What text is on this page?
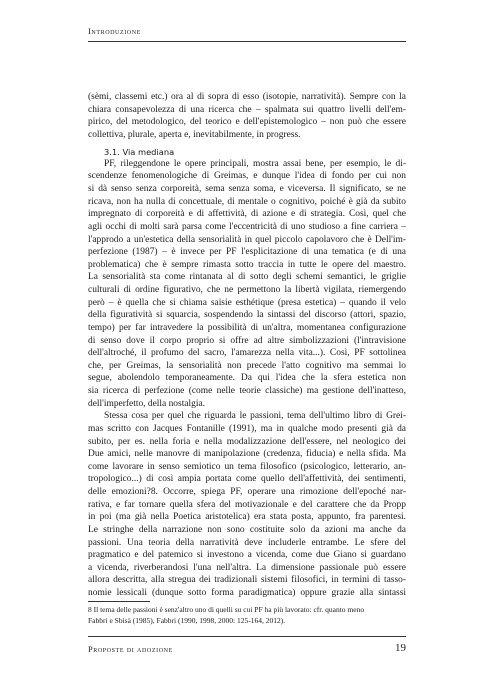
Introduzione

(sèmi, classemi etc.) ora al di sopra di esso (isotopie, narratività). Sempre con la
chiara consapevolezza di una ricerca che – spalmata sui quattro livelli dell'em-
pirico, del metodologico, del teorico e dell'epistemologico – non può che essere
collettiva, plurale, aperta e, inevitabilmente, in progress.

3.1. Via mediana

PF, rileggendone le opere principali, mostra assai bene, per esempio, le di-
scendenze fenomenologiche di Greimas, e dunque l'idea di fondo per cui non
si dà senso senza corporeità, sema senza soma, e viceversa. Il significato, se ne
ricava, non ha nulla di concettuale, di mentale o cognitivo, poiché è già da subito
impregnato di corporeità e di affettività, di azione e di strategia. Così, quel che
agli occhi di molti sarà parsa come l'eccentricità di uno studioso a fine carriera –
l'approdo a un'estetica della sensorialità in quel piccolo capolavoro che è Dell'im-
perfezione (1987) – è invece per PF l'esplicitazione di una tematica (e di una
problematica) che è sempre rimasta sotto traccia in tutte le opere del maestro.
La sensorialità sta come rintanata al di sotto degli schemi semantici, le griglie
culturali di ordine figurativo, che ne permettono la libertà vigilata, riemergendo
però – è quella che si chiama saisie esthétique (presa estetica) – quando il velo
della figuratività si squarcia, sospendendo la sintassi del discorso (attori, spazio,
tempo) per far intravedere la possibilità di un'altra, momentanea configurazione
di senso dove il corpo proprio si offre ad altre simbolizzazioni (l'intravisione
dell'altroché, il profumo del sacro, l'amarezza nella vita...). Così, PF sottolinea
che, per Greimas, la sensorialità non precede l'atto cognitivo ma semmai lo
segue, abolendolo temporaneamente. Da qui l'idea che la sfera estetica non
sia ricerca di perfezione (come nelle teorie classiche) ma gestione dell'inatteso,
dell'imperfetto, della nostalgia.

Stessa cosa per quel che riguarda le passioni, tema dell'ultimo libro di Grei-
mas scritto con Jacques Fontanille (1991), ma in qualche modo presenti già da
subito, per es. nella foria e nella modalizzazione dell'essere, nel neologico dei
Due amici, nelle manovre di manipolazione (credenza, fiducia) e nella sfida. Ma
come lavorare in senso semiotico un tema filosofico (psicologico, letterario, an-
tropologico...) di così ampia portata come quello dell'affettività, dei sentimenti,
delle emozioni?8. Occorre, spiega PF, operare una rimozione dell'epoché nar-
rativa, e far tornare quella sfera del motivazionale e del carattere che da Propp
in poi (ma già nella Poetica aristotelica) era stata posta, appunto, fra parentesi.
Le stringhe della narrazione non sono costituite solo da azioni ma anche da
passioni. Una teoria della narratività deve includerle entrambe. Le sfere del
pragmatico e del patemico si investono a vicenda, come due Giano si guardano
a vicenda, riverberandosi l'una nell'altra. La dimensione passionale può essere
allora descritta, alla stregua dei tradizionali sistemi filosofici, in termini di tasso-
nomie lessicali (dunque sotto forma paradigmatica) oppure grazie alla sintassi

8 Il tema delle passioni è senz'altro uno di quelli su cui PF ha più lavorato: cfr. quanto meno
Fabbri e Sbisà (1985), Fabbri (1990, 1998, 2000: 125-164, 2012).
Proposte di adozione	19
